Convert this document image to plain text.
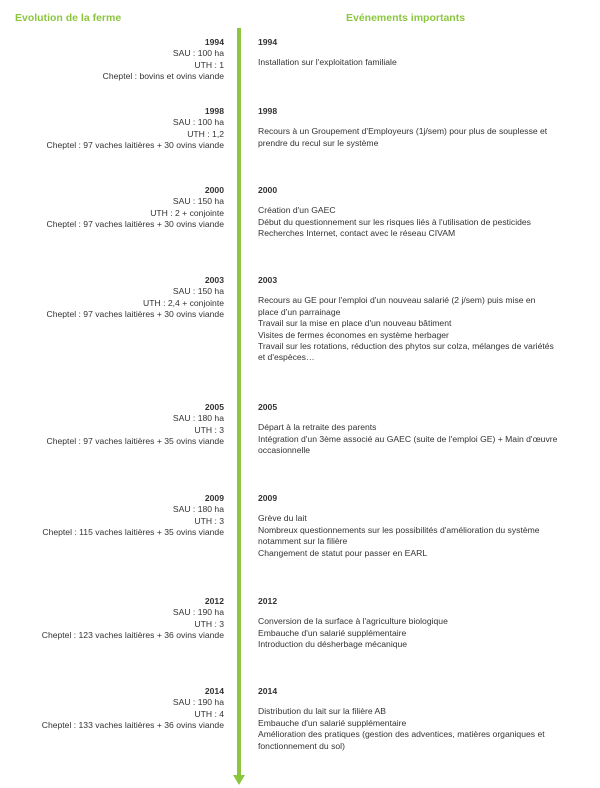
Evolution de la ferme	Evénements importants
1994
SAU : 100 ha
UTH : 1
Cheptel : bovins et ovins viande
1994
Installation sur l'exploitation familiale
1998
SAU : 100 ha
UTH : 1,2
Cheptel : 97 vaches laitières + 30 ovins viande
1998
Recours à un Groupement d'Employeurs (1j/sem) pour plus de souplesse et prendre du recul sur le système
2000
SAU : 150 ha
UTH : 2 + conjointe
Cheptel : 97 vaches laitières + 30 ovins viande
2000
Création d'un GAEC
Début du questionnement sur les risques liés à l'utilisation de pesticides
Recherches Internet, contact avec le réseau CIVAM
2003
SAU : 150 ha
UTH : 2,4 + conjointe
Cheptel : 97 vaches laitières + 30 ovins viande
2003
Recours au GE pour l'emploi d'un nouveau salarié (2 j/sem) puis mise en place d'un parrainage
Travail sur la mise en place d'un nouveau bâtiment
Visites de fermes économes en système herbager
Travail sur les rotations, réduction des phytos sur colza, mélanges de variétés et d'espèces…
2005
SAU : 180 ha
UTH : 3
Cheptel : 97 vaches laitières + 35 ovins viande
2005
Départ à la retraite des parents
Intégration d'un 3ème associé au GAEC (suite de l'emploi GE) + Main d'œuvre occasionnelle
2009
SAU : 180 ha
UTH : 3
Cheptel : 115 vaches laitières + 35 ovins viande
2009
Grève du lait
Nombreux questionnements sur les possibilités d'amélioration du système notamment sur la filière
Changement de statut pour passer en EARL
2012
SAU : 190 ha
UTH : 3
Cheptel : 123 vaches laitières + 36 ovins viande
2012
Conversion de la surface à l'agriculture biologique
Embauche d'un salarié supplémentaire
Introduction du désherbage mécanique
2014
SAU : 190 ha
UTH : 4
Cheptel : 133 vaches laitières + 36 ovins viande
2014
Distribution du lait sur la filière AB
Embauche d'un salarié supplémentaire
Amélioration des pratiques (gestion des adventices, matières organiques et fonctionnement du sol)
